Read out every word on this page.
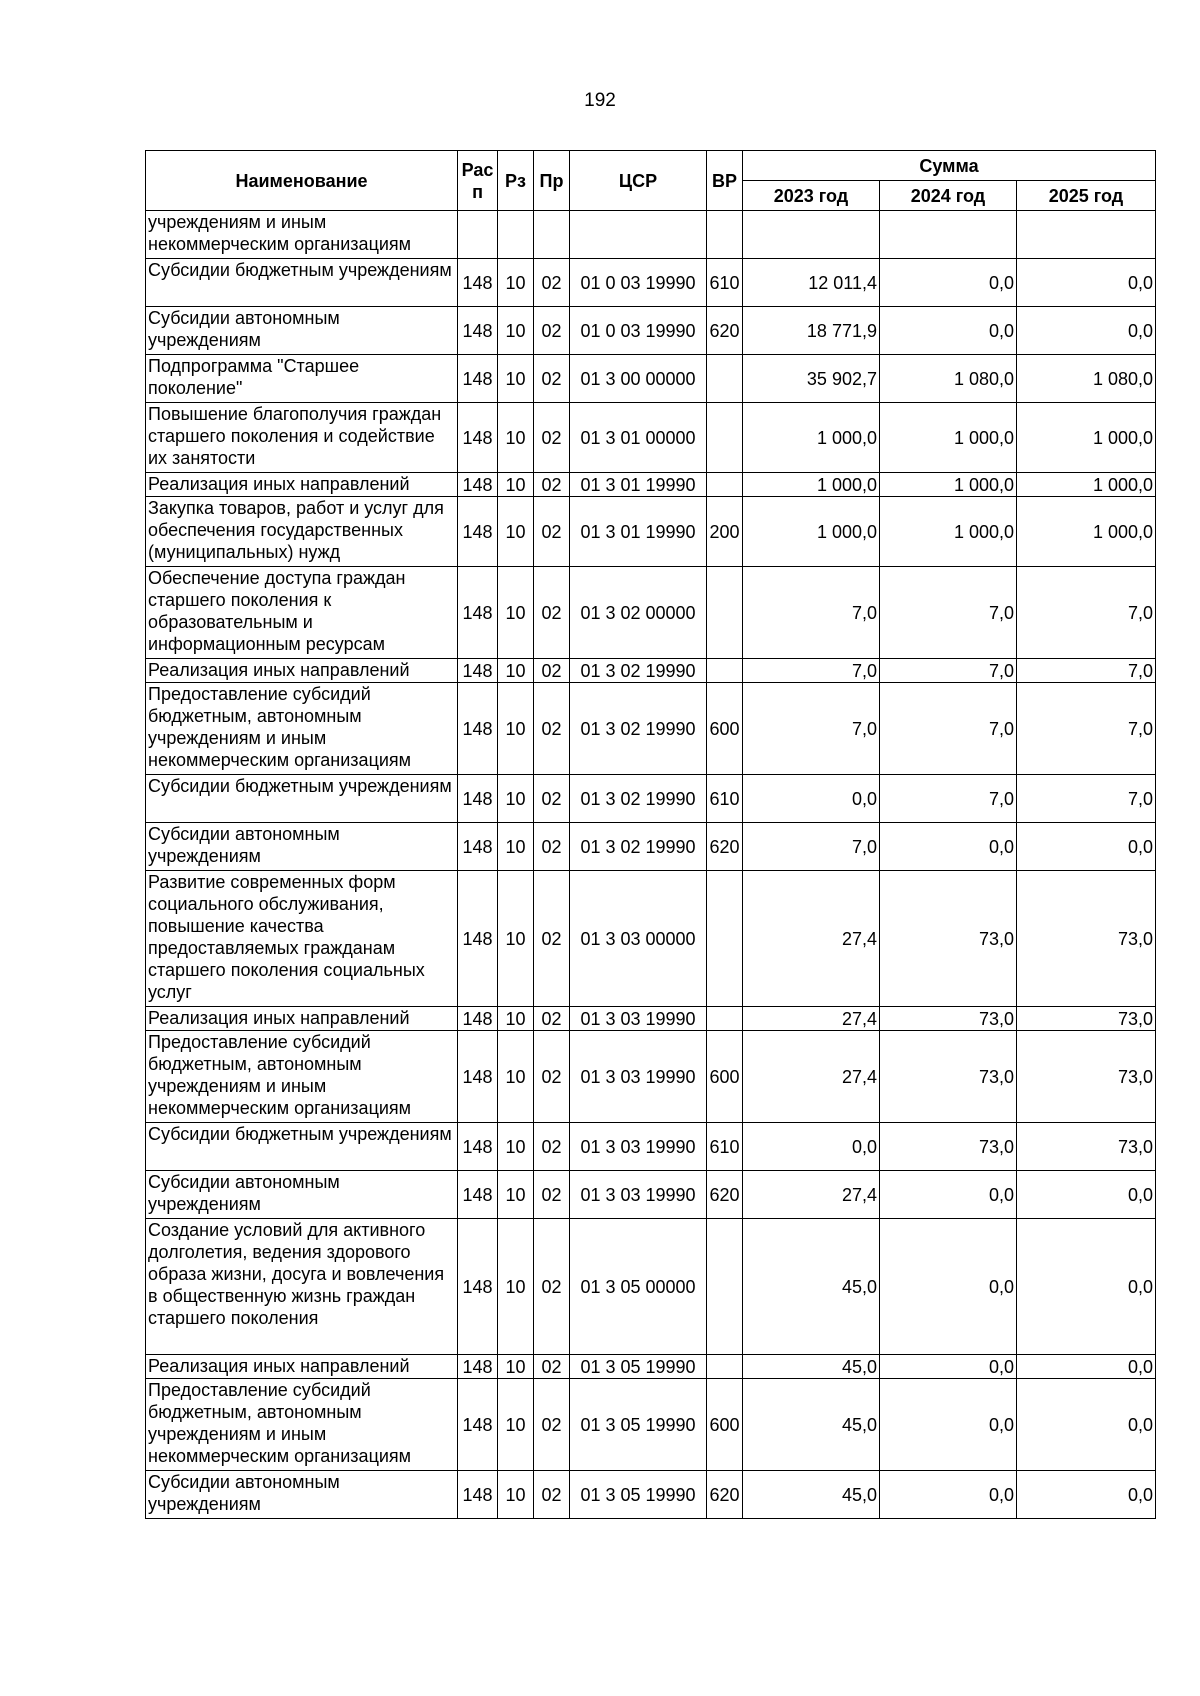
192
Наименование	Рас п	Рз	Пр	ЦСР	ВР	Сумма		
						2023 год	2024 год	2025 год
учреждениям и иным некоммерческим организациям								
Субсидии бюджетным учреждениям	148	10	02	01 0 03 19990	610	12 011,4	0,0	0,0
Субсидии автономным учреждениям	148	10	02	01 0 03 19990	620	18 771,9	0,0	0,0
Подпрограмма "Старшее поколение"	148	10	02	01 3 00 00000		35 902,7	1 080,0	1 080,0
Повышение благополучия граждан старшего поколения и содействие их занятости	148	10	02	01 3 01 00000		1 000,0	1 000,0	1 000,0
Реализация иных направлений	148	10	02	01 3 01 19990		1 000,0	1 000,0	1 000,0
Закупка товаров, работ и услуг для обеспечения государственных (муниципальных) нужд	148	10	02	01 3 01 19990	200	1 000,0	1 000,0	1 000,0
Обеспечение доступа граждан старшего поколения к образовательным и информационным ресурсам	148	10	02	01 3 02 00000		7,0	7,0	7,0
Реализация иных направлений	148	10	02	01 3 02 19990		7,0	7,0	7,0
Предоставление субсидий бюджетным, автономным учреждениям и иным некоммерческим организациям	148	10	02	01 3 02 19990	600	7,0	7,0	7,0
Субсидии бюджетным учреждениям	148	10	02	01 3 02 19990	610	0,0	7,0	7,0
Субсидии автономным учреждениям	148	10	02	01 3 02 19990	620	7,0	0,0	0,0
Развитие современных форм социального обслуживания, повышение качества предоставляемых гражданам старшего поколения социальных услуг	148	10	02	01 3 03 00000		27,4	73,0	73,0
Реализация иных направлений	148	10	02	01 3 03 19990		27,4	73,0	73,0
Предоставление субсидий бюджетным, автономным учреждениям и иным некоммерческим организациям	148	10	02	01 3 03 19990	600	27,4	73,0	73,0
Субсидии бюджетным учреждениям	148	10	02	01 3 03 19990	610	0,0	73,0	73,0
Субсидии автономным учреждениям	148	10	02	01 3 03 19990	620	27,4	0,0	0,0
Создание условий для активного долголетия, ведения здорового образа жизни, досуга и вовлечения в общественную жизнь граждан старшего поколения	148	10	02	01 3 05 00000		45,0	0,0	0,0
Реализация иных направлений	148	10	02	01 3 05 19990		45,0	0,0	0,0
Предоставление субсидий бюджетным, автономным учреждениям и иным некоммерческим организациям	148	10	02	01 3 05 19990	600	45,0	0,0	0,0
Субсидии автономным учреждениям	148	10	02	01 3 05 19990	620	45,0	0,0	0,0
